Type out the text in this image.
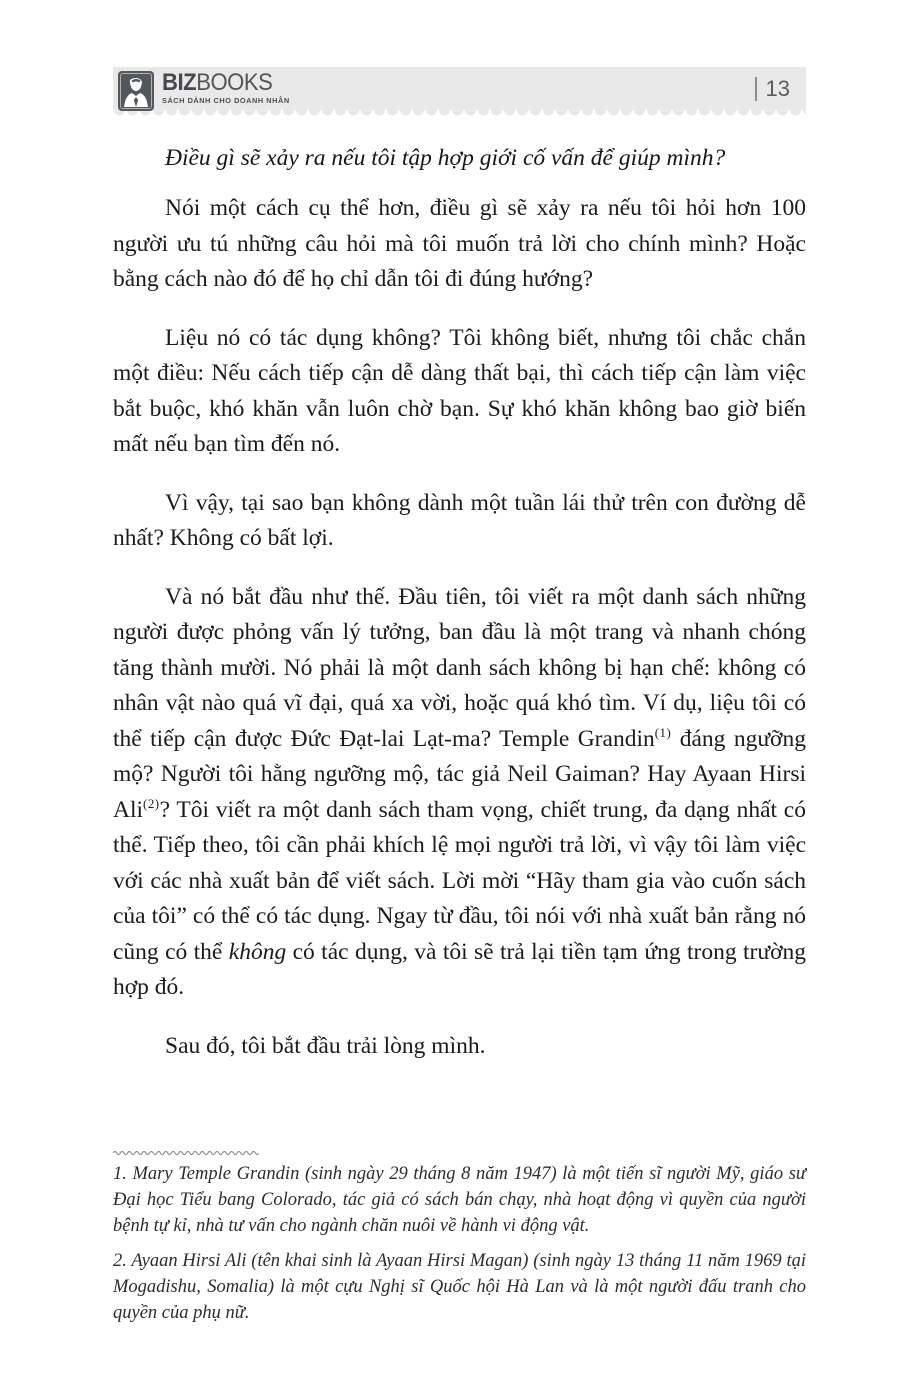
BIZBOOKS
SÁCH DÀNH CHO DOANH NHÂN	13

Điều gì sẽ xảy ra nếu tôi tập hợp giới cố vấn để giúp mình?

Nói một cách cụ thể hơn, điều gì sẽ xảy ra nếu tôi hỏi hơn 100 người ưu tú những câu hỏi mà tôi muốn trả lời cho chính mình? Hoặc bằng cách nào đó để họ chỉ dẫn tôi đi đúng hướng?

Liệu nó có tác dụng không? Tôi không biết, nhưng tôi chắc chắn một điều: Nếu cách tiếp cận dễ dàng thất bại, thì cách tiếp cận làm việc bắt buộc, khó khăn vẫn luôn chờ bạn. Sự khó khăn không bao giờ biến mất nếu bạn tìm đến nó.

Vì vậy, tại sao bạn không dành một tuần lái thử trên con đường dễ nhất? Không có bất lợi.

Và nó bắt đầu như thế. Đầu tiên, tôi viết ra một danh sách những người được phỏng vấn lý tưởng, ban đầu là một trang và nhanh chóng tăng thành mười. Nó phải là một danh sách không bị hạn chế: không có nhân vật nào quá vĩ đại, quá xa vời, hoặc quá khó tìm. Ví dụ, liệu tôi có thể tiếp cận được Đức Đạt-lai Lạt-ma? Temple Grandin$^{(1)}$ đáng ngưỡng mộ? Người tôi hằng ngưỡng mộ, tác giả Neil Gaiman? Hay Ayaan Hirsi Ali$^{(2)}$? Tôi viết ra một danh sách tham vọng, chiết trung, đa dạng nhất có thể. Tiếp theo, tôi cần phải khích lệ mọi người trả lời, vì vậy tôi làm việc với các nhà xuất bản để viết sách. Lời mời “Hãy tham gia vào cuốn sách của tôi” có thể có tác dụng. Ngay từ đầu, tôi nói với nhà xuất bản rằng nó cũng có thể không có tác dụng, và tôi sẽ trả lại tiền tạm ứng trong trường hợp đó.

Sau đó, tôi bắt đầu trải lòng mình.

1. Mary Temple Grandin (sinh ngày 29 tháng 8 năm 1947) là một tiến sĩ người Mỹ, giáo sư Đại học Tiểu bang Colorado, tác giả có sách bán chạy, nhà hoạt động vì quyền của người bệnh tự kỉ, nhà tư vấn cho ngành chăn nuôi về hành vi động vật.

2. Ayaan Hirsi Ali (tên khai sinh là Ayaan Hirsi Magan) (sinh ngày 13 tháng 11 năm 1969 tại Mogadishu, Somalia) là một cựu Nghị sĩ Quốc hội Hà Lan và là một người đấu tranh cho quyền của phụ nữ.
